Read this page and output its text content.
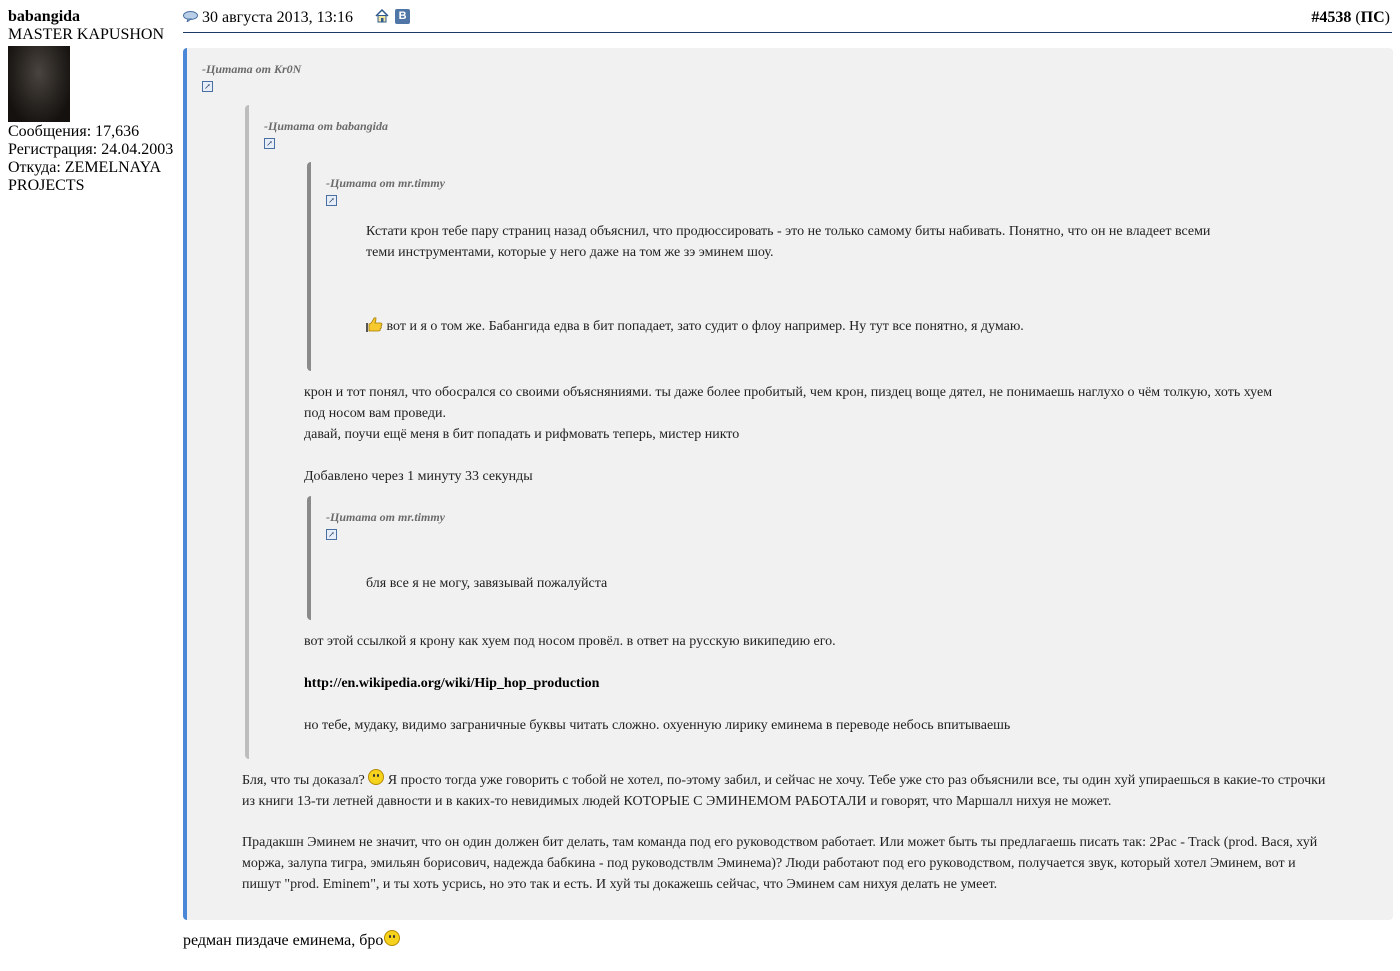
babangida
MASTER KAPUSHON
Сообщения: 17,636
Регистрация: 24.04.2003
Откуда: ZEMELNAYA
PROJECTS
30 августа 2013, 13:16	B	#4538 (ПС)
-Цитата от Kr0N
↗
-Цитата от babangida
↗
-Цитата от mr.timmy
↗
Кстати крон тебе пару страниц назад объяснил, что продюссировать - это не только самому биты набивать. Понятно, что он не владеет всеми
теми инструментами, которые у него даже на том же зэ эминем шоу.
вот и я о том же. Бабангида едва в бит попадает, зато судит о флоу например. Ну тут все понятно, я думаю.
крон и тот понял, что обосрался со своими объясняниями. ты даже более пробитый, чем крон, пиздец воще дятел, не понимаешь наглухо о чём толкую, хоть хуем
под носом вам проведи.
давай, поучи ещё меня в бит попадать и рифмовать теперь, мистер никто
Добавлено через 1 минуту 33 секунды
-Цитата от mr.timmy
↗
бля все я не могу, завязывай пожалуйста
вот этой ссылкой я крону как хуем под носом провёл. в ответ на русскую википедию его.
http://en.wikipedia.org/wiki/Hip_hop_production
но тебе, мудаку, видимо заграничные буквы читать сложно. охуенную лирику еминема в переводе небось впитываешь
Бля, что ты доказал? Я просто тогда уже говорить с тобой не хотел, по-этому забил, и сейчас не хочу. Тебе уже сто раз объяснили все, ты один хуй упираешься в какие-то строчки
из книги 13-ти летней давности и в каких-то невидимых людей КОТОРЫЕ С ЭМИНЕМОМ РАБОТАЛИ и говорят, что Маршалл нихуя не может.
Прадакшн Эминем не значит, что он один должен бит делать, там команда под его руководством работает. Или может быть ты предлагаешь писать так: 2Pac - Track (prod. Вася, хуй
моржа, залупа тигра, эмильян борисович, надежда бабкина - под руководствлм Эминема)? Люди работают под его руководством, получается звук, который хотел Эминем, вот и
пишут "prod. Eminem", и ты хоть усрись, но это так и есть. И хуй ты докажешь сейчас, что Эминем сам нихуя делать не умеет.
редман пиздаче еминема, бро
